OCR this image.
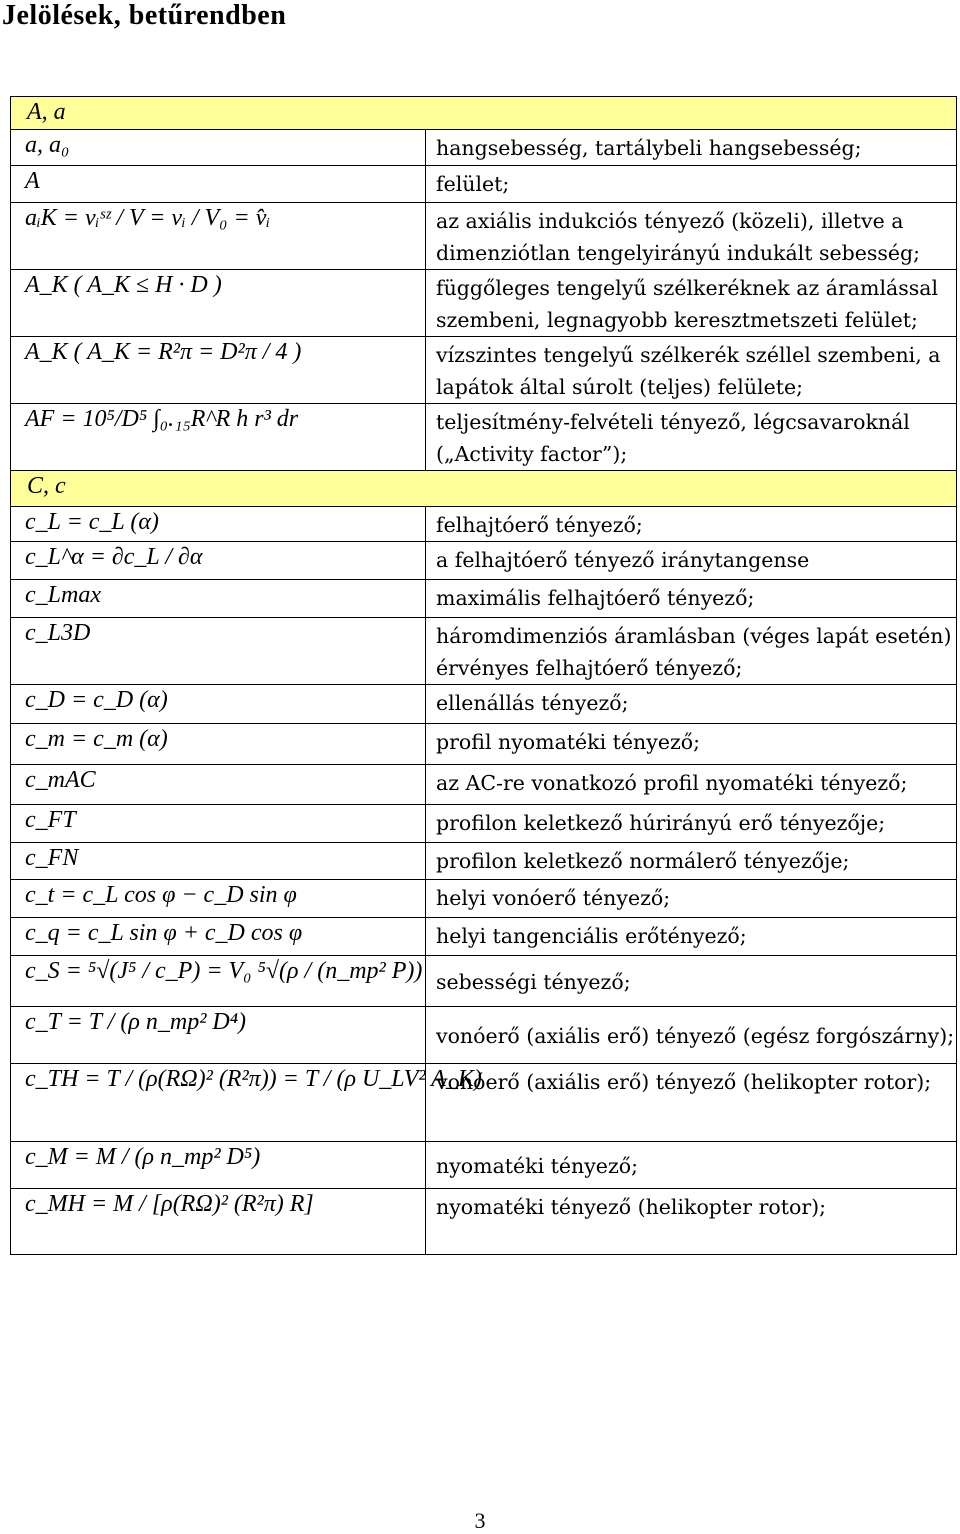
Jelölések, betűrendben
A, a	
a, a₀	hangsebesség, tartálybeli hangsebesség;
A	felület;
aᵢK = vᵢˢᶻ / V = vᵢ / V₀ = v̂ᵢ	az axiális indukciós tényező (közeli), illetve a dimenziótlan tengelyirányú indukált sebesség;
A_K ( A_K ≤ H · D )	függőleges tengelyű szélkeréknek az áramlással szembeni, legnagyobb keresztmetszeti felület;
A_K ( A_K = R²π = D²π / 4 )	vízszintes tengelyű szélkerék széllel szembeni, a lapátok által súrolt (teljes) felülete;
AF = 10⁵/D⁵ ∫₀.₁₅R^R h r³ dr	teljesítmény-felvételi tényező, légcsavaroknál („Activity factor”);
C, c	
c_L = c_L (α)	felhajtóerő tényező;
c_L^α = ∂c_L / ∂α	a felhajtóerő tényező iránytangense
c_Lmax	maximális felhajtóerő tényező;
c_L3D	háromdimenziós áramlásban (véges lapát esetén) érvényes felhajtóerő tényező;
c_D = c_D (α)	ellenállás tényező;
c_m = c_m (α)	profil nyomatéki tényező;
c_mAC	az AC-re vonatkozó profil nyomatéki tényező;
c_FT	profilon keletkező húrirányú erő tényezője;
c_FN	profilon keletkező normálerő tényezője;
c_t = c_L cos φ − c_D sin φ	helyi vonóerő tényező;
c_q = c_L sin φ + c_D cos φ	helyi tangenciális erőtényező;
c_S = ⁵√(J⁵ / c_P) = V₀ ⁵√(ρ / (n_mp² P))	sebességi tényező;
c_T = T / (ρ n_mp² D⁴)	vonóerő (axiális erő) tényező (egész forgószárny);
c_TH = T / (ρ(RΩ)² (R²π)) = T / (ρ U_LV² A_K)	vonóerő (axiális erő) tényező (helikopter rotor);
c_M = M / (ρ n_mp² D⁵)	nyomatéki tényező;
c_MH = M / [ρ(RΩ)² (R²π) R]	nyomatéki tényező (helikopter rotor);
3
